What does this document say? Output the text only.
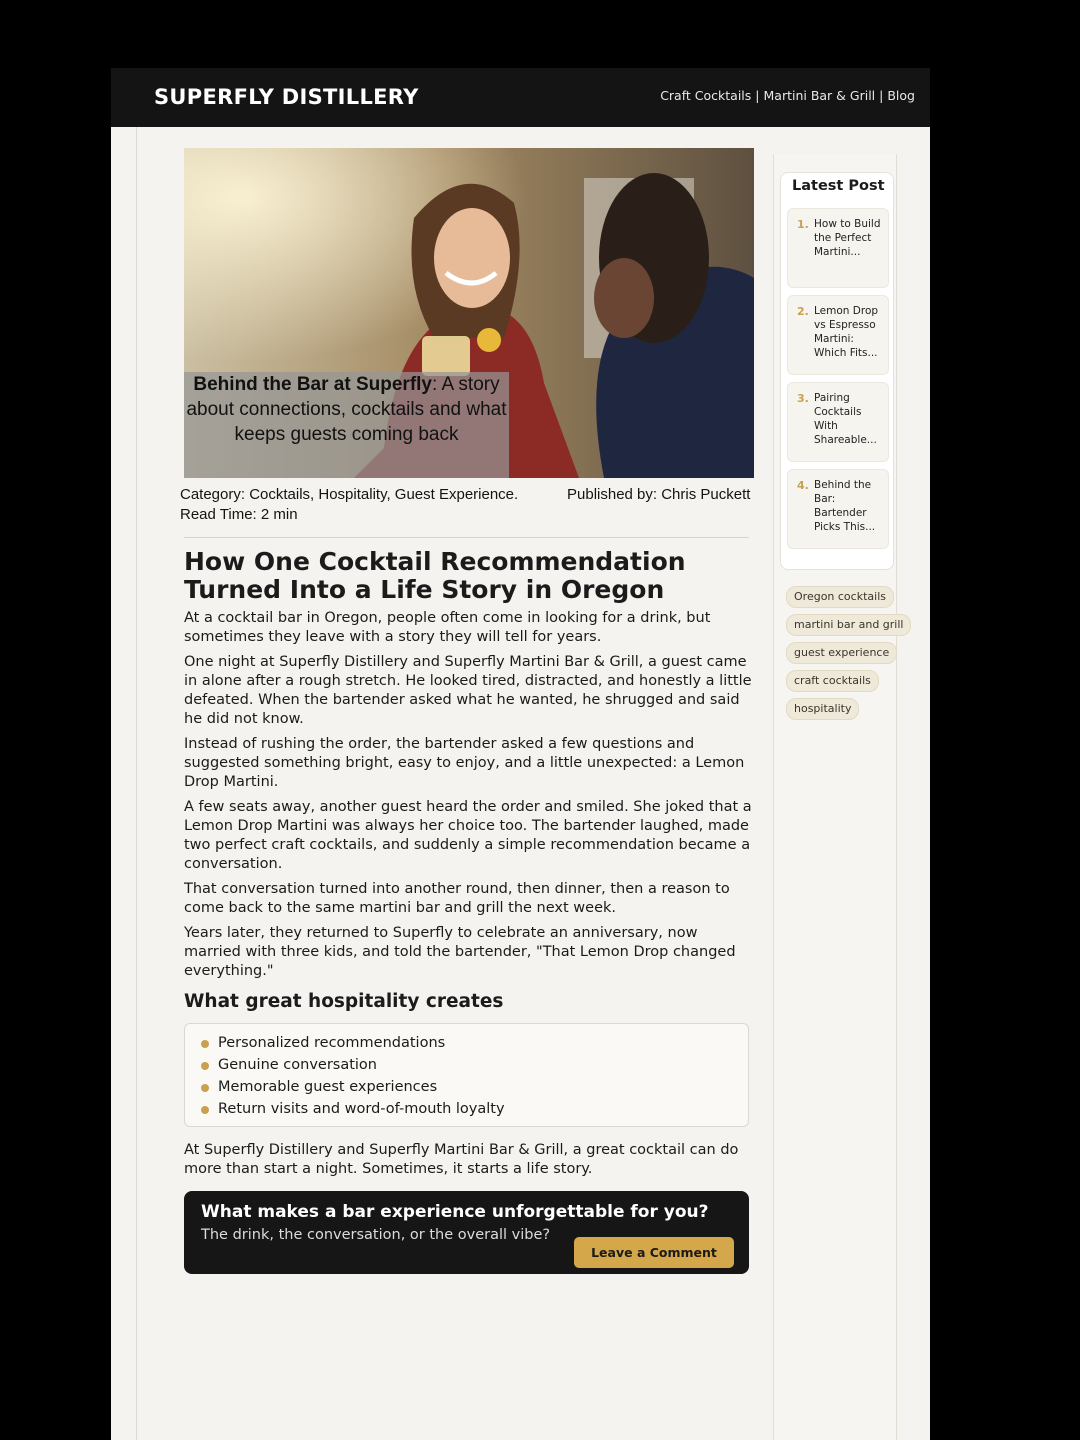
SUPERFLY DISTILLERY	Craft Cocktails | Martini Bar & Grill | Blog
Behind the Bar at Superfly: A story about connections, cocktails and what keeps guests coming back
Category: Cocktails, Hospitality, Guest Experience.
Read Time: 2 min
Published by: Chris Puckett
How One Cocktail Recommendation Turned Into a Life Story in Oregon

At a cocktail bar in Oregon, people often come in looking for a drink, but sometimes they leave with a story they will tell for years.

One night at Superfly Distillery and Superfly Martini Bar & Grill, a guest came in alone after a rough stretch. He looked tired, distracted, and honestly a little defeated. When the bartender asked what he wanted, he shrugged and said he did not know.

Instead of rushing the order, the bartender asked a few questions and suggested something bright, easy to enjoy, and a little unexpected: a Lemon Drop Martini.

A few seats away, another guest heard the order and smiled. She joked that a Lemon Drop Martini was always her choice too. The bartender laughed, made two perfect craft cocktails, and suddenly a simple recommendation became a conversation.

That conversation turned into another round, then dinner, then a reason to come back to the same martini bar and grill the next week.

Years later, they returned to Superfly to celebrate an anniversary, now married with three kids, and told the bartender, "That Lemon Drop changed everything."

What great hospitality creates
Personalized recommendations
Genuine conversation
Memorable guest experiences
Return visits and word-of-mouth loyalty

At Superfly Distillery and Superfly Martini Bar & Grill, a great cocktail can do more than start a night. Sometimes, it starts a life story.

What makes a bar experience unforgettable for you?
The drink, the conversation, or the overall vibe?
Leave a Comment
Latest Post
1. How to Build the Perfect Martini...
2. Lemon Drop vs Espresso Martini: Which Fits...
3. Pairing Cocktails With Shareable...
4. Behind the Bar: Bartender Picks This...
Oregon cocktails
martini bar and grill
guest experience
craft cocktails
hospitality
